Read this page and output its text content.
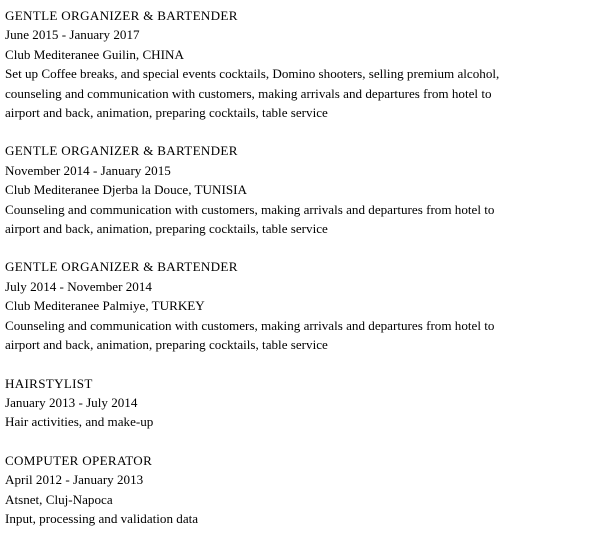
GENTLE ORGANIZER & BARTENDER
June 2015 - January 2017
Club Mediteranee Guilin, CHINA
Set up Coffee breaks, and special events cocktails, Domino shooters, selling premium alcohol,
counseling and communication with customers, making arrivals and departures from hotel to
airport and back, animation, preparing cocktails, table service
GENTLE ORGANIZER & BARTENDER
November 2014 - January 2015
Club Mediteranee Djerba la Douce, TUNISIA
Counseling and communication with customers, making arrivals and departures from hotel to
airport and back, animation, preparing cocktails, table service
GENTLE ORGANIZER & BARTENDER
July 2014 - November 2014
Club Mediteranee Palmiye, TURKEY
Counseling and communication with customers, making arrivals and departures from hotel to
airport and back, animation, preparing cocktails, table service
HAIRSTYLIST
January 2013 - July 2014
Hair activities, and make-up
COMPUTER OPERATOR
April 2012 - January 2013
Atsnet, Cluj-Napoca
Input, processing and validation data
